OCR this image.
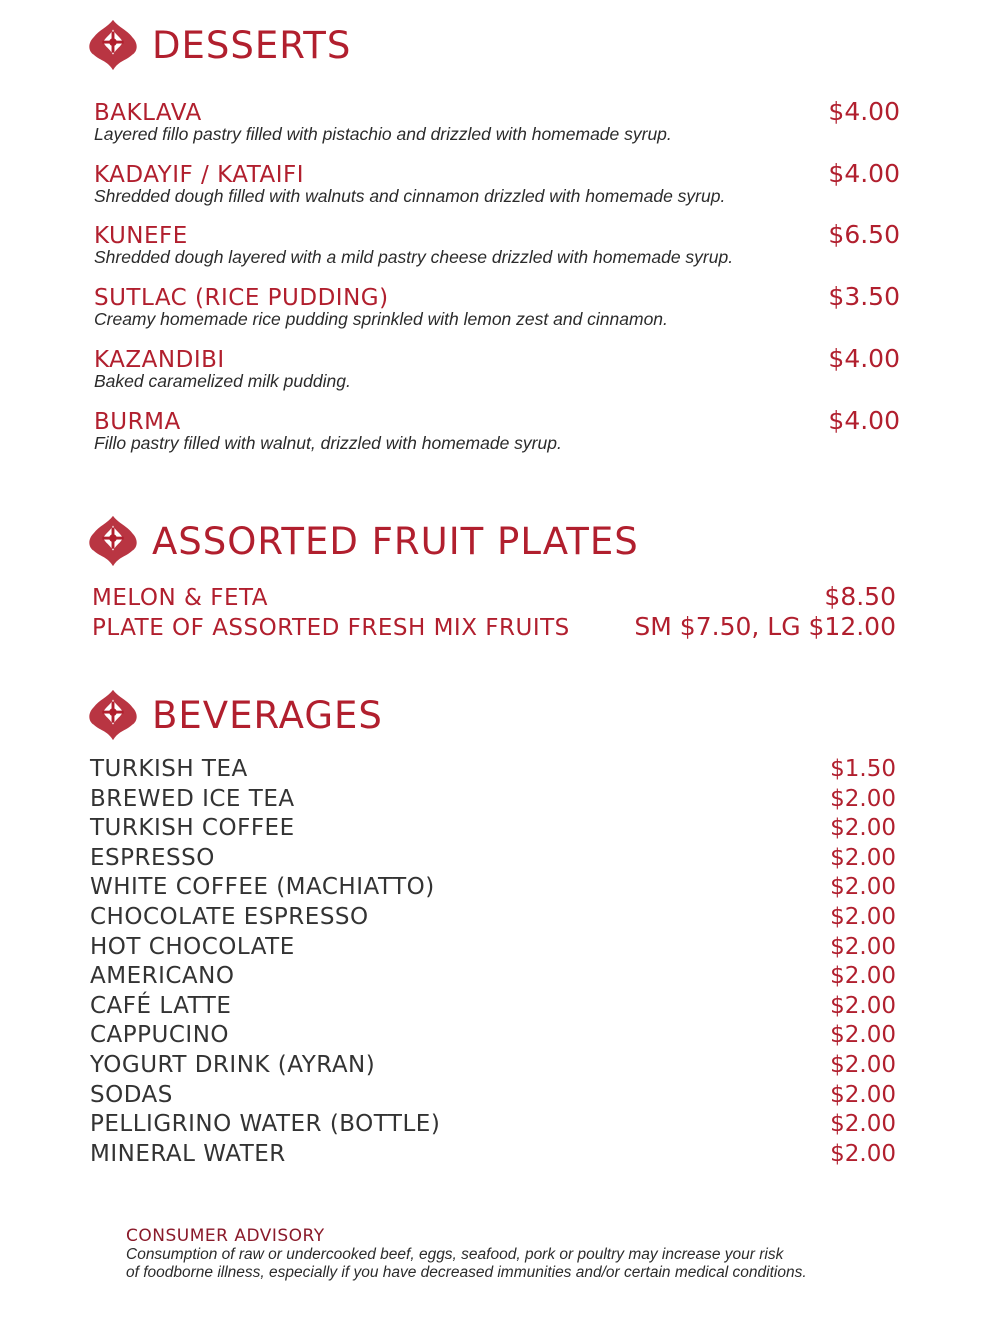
DESSERTS
BAKLAVA	$4.00
Layered fillo pastry filled with pistachio and drizzled with homemade syrup.
KADAYIF / KATAIFI	$4.00
Shredded dough filled with walnuts and cinnamon drizzled with homemade syrup.
KUNEFE	$6.50
Shredded dough layered with a mild pastry cheese drizzled with homemade syrup.
SUTLAC (RICE PUDDING)	$3.50
Creamy homemade rice pudding sprinkled with lemon zest and cinnamon.
KAZANDIBI	$4.00
Baked caramelized milk pudding.
BURMA	$4.00
Fillo pastry filled with walnut, drizzled with homemade syrup.
ASSORTED FRUIT PLATES
MELON & FETA	$8.50
PLATE OF ASSORTED FRESH MIX FRUITS	SM $7.50, LG $12.00
BEVERAGES
TURKISH TEA	$1.50
BREWED ICE TEA	$2.00
TURKISH COFFEE	$2.00
ESPRESSO	$2.00
WHITE COFFEE (MACHIATTO)	$2.00
CHOCOLATE ESPRESSO	$2.00
HOT CHOCOLATE	$2.00
AMERICANO	$2.00
CAFÉ LATTE	$2.00
CAPPUCINO	$2.00
YOGURT DRINK (AYRAN)	$2.00
SODAS	$2.00
PELLIGRINO WATER (BOTTLE)	$2.00
MINERAL WATER	$2.00
CONSUMER ADVISORY
Consumption of raw or undercooked beef, eggs, seafood, pork or poultry may increase your risk
of foodborne illness, especially if you have decreased immunities and/or certain medical conditions.
